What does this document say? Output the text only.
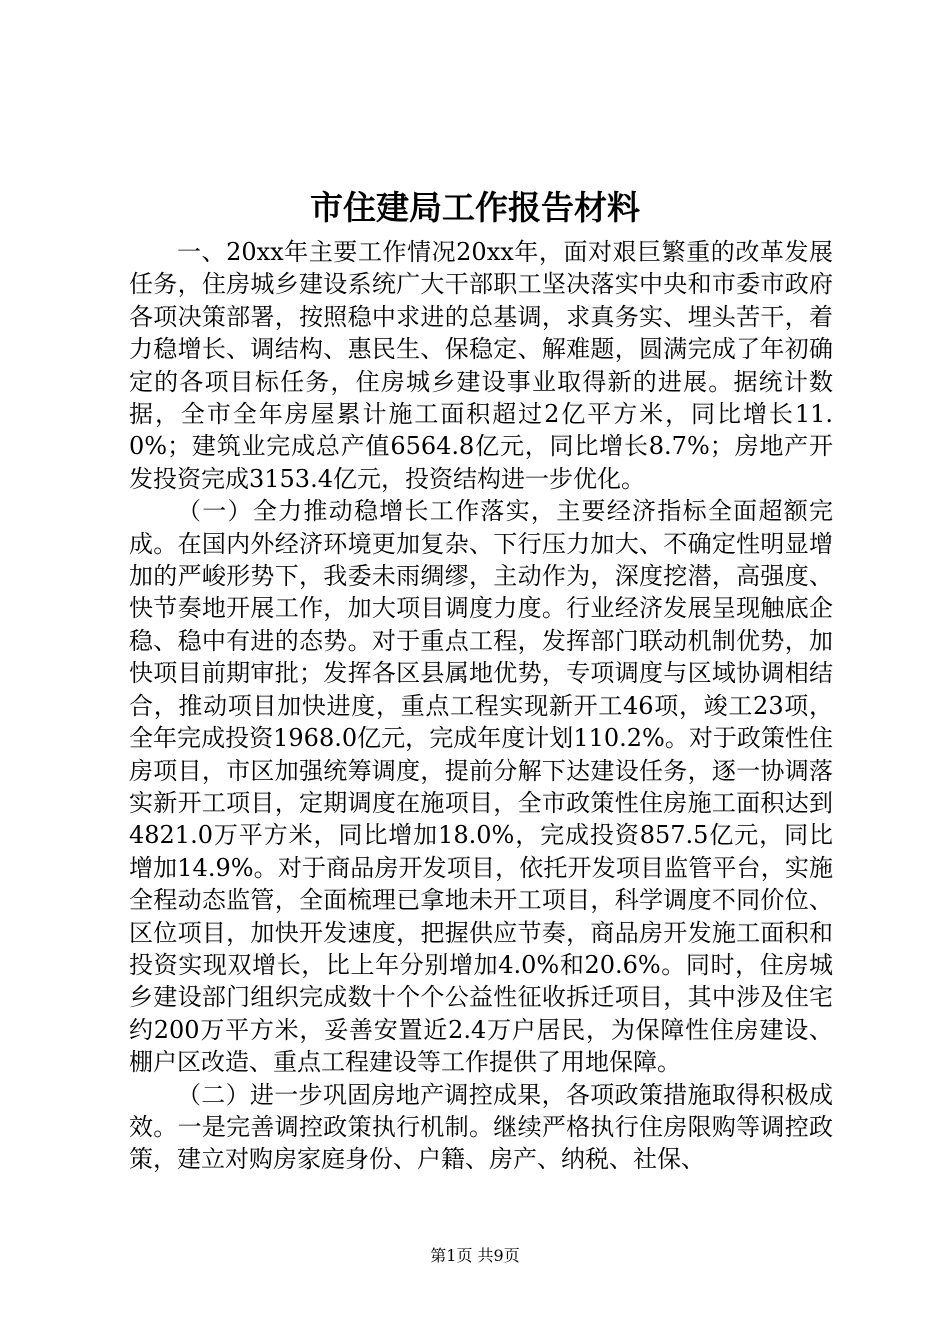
市住建局工作报告材料

一、20xx年主要工作情况20xx年，面对艰巨繁重的改革发展任务，住房城乡建设系统广大干部职工坚决落实中央和市委市政府各项决策部署，按照稳中求进的总基调，求真务实、埋头苦干，着力稳增长、调结构、惠民生、保稳定、解难题，圆满完成了年初确定的各项目标任务，住房城乡建设事业取得新的进展。据统计数据，全市全年房屋累计施工面积超过2亿平方米，同比增长11.0%；建筑业完成总产值6564.8亿元，同比增长8.7%；房地产开发投资完成3153.4亿元，投资结构进一步优化。

（一）全力推动稳增长工作落实，主要经济指标全面超额完成。在国内外经济环境更加复杂、下行压力加大、不确定性明显增加的严峻形势下，我委未雨绸缪，主动作为，深度挖潜，高强度、快节奏地开展工作，加大项目调度力度。行业经济发展呈现触底企稳、稳中有进的态势。对于重点工程，发挥部门联动机制优势，加快项目前期审批；发挥各区县属地优势，专项调度与区域协调相结合，推动项目加快进度，重点工程实现新开工46项，竣工23项，全年完成投资1968.0亿元，完成年度计划110.2%。对于政策性住房项目，市区加强统筹调度，提前分解下达建设任务，逐一协调落实新开工项目，定期调度在施项目，全市政策性住房施工面积达到4821.0万平方米，同比增加18.0%，完成投资857.5亿元，同比增加14.9%。对于商品房开发项目，依托开发项目监管平台，实施全程动态监管，全面梳理已拿地未开工项目，科学调度不同价位、区位项目，加快开发速度，把握供应节奏，商品房开发施工面积和投资实现双增长，比上年分别增加4.0%和20.6%。同时，住房城乡建设部门组织完成数十个个公益性征收拆迁项目，其中涉及住宅约200万平方米，妥善安置近2.4万户居民，为保障性住房建设、棚户区改造、重点工程建设等工作提供了用地保障。

（二）进一步巩固房地产调控成果，各项政策措施取得积极成效。一是完善调控政策执行机制。继续严格执行住房限购等调控政策，建立对购房家庭身份、户籍、房产、纳税、社保、

第1页 共9页
